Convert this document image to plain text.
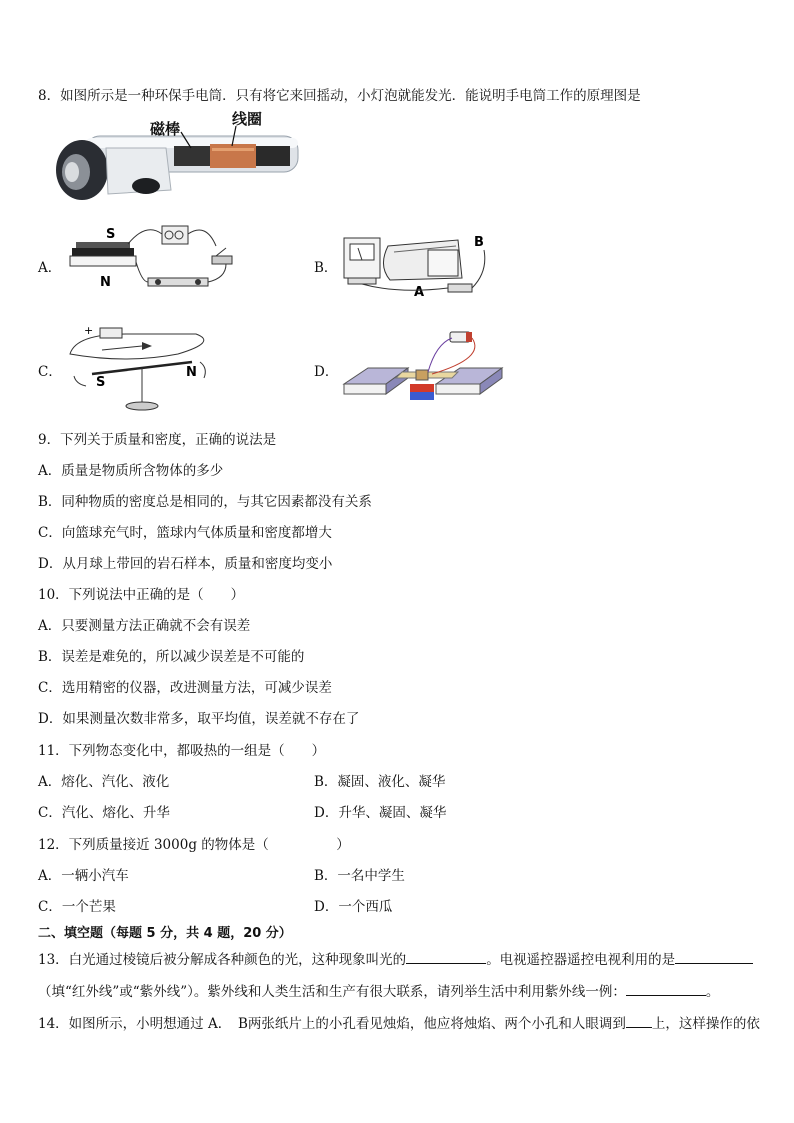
8．如图所示是一种环保手电筒．只有将它来回摇动，小灯泡就能发光．能说明手电筒工作的原理图是
磁棒
线圈
A．
S
N
B．
B
A
C．
+
S
N	D．
9．下列关于质量和密度，正确的说法是
A．质量是物质所含物体的多少
B．同种物质的密度总是相同的，与其它因素都没有关系
C．向篮球充气时，篮球内气体质量和密度都增大
D．从月球上带回的岩石样本，质量和密度均变小
10．下列说法中正确的是（　　）
A．只要测量方法正确就不会有误差
B．误差是难免的，所以减少误差是不可能的
C．选用精密的仪器，改进测量方法，可减少误差
D．如果测量次数非常多，取平均值，误差就不存在了
11．下列物态变化中，都吸热的一组是（　　）
A．熔化、汽化、液化	B．凝固、液化、凝华
C．汽化、熔化、升华	D．升华、凝固、凝华
12．下列质量接近 3000g 的物体是（　　　　　）
A．一辆小汽车	B．一名中学生
C．一个芒果	D．一个西瓜
二、填空题（每题 5 分，共 4 题，20 分）
13．白光通过棱镜后被分解成各种颜色的光，这种现象叫光的	。电视遥控器遥控电视利用的是
（填“红外线”或“紫外线”）。紫外线和人类生活和生产有很大联系，请列举生活中利用紫外线一例：	。
14．如图所示，小明想通过 A．　B两张纸片上的小孔看见烛焰，他应将烛焰、两个小孔和人眼调到 上，这样操作的依
